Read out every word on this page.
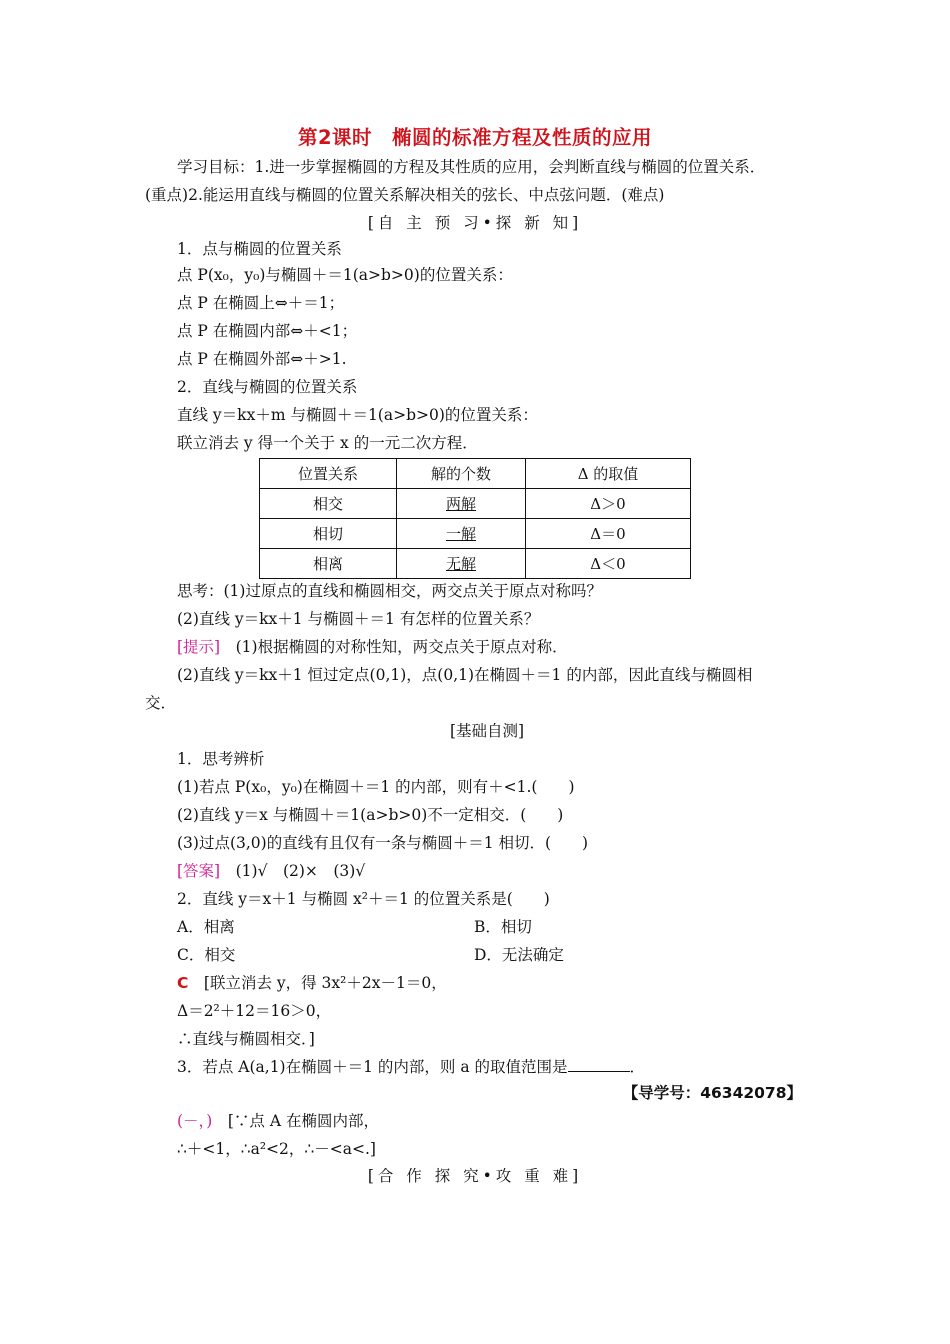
第2课时　椭圆的标准方程及性质的应用
学习目标：1.进一步掌握椭圆的方程及其性质的应用，会判断直线与椭圆的位置关系．
(重点)2.能运用直线与椭圆的位置关系解决相关的弦长、中点弦问题．(难点)
[自 主 预 习•探 新 知]
1．点与椭圆的位置关系
点 P(x₀，y₀)与椭圆＋＝1(a>b>0)的位置关系：
点 P 在椭圆上⇔＋＝1；
点 P 在椭圆内部⇔＋<1；
点 P 在椭圆外部⇔＋>1.
2．直线与椭圆的位置关系
直线 y＝kx＋m 与椭圆＋＝1(a>b>0)的位置关系：
联立消去 y 得一个关于 x 的一元二次方程．
位置关系	解的个数	Δ 的取值
相交	两解	Δ＞0
相切	一解	Δ＝0
相离	无解	Δ＜0
思考：(1)过原点的直线和椭圆相交，两交点关于原点对称吗？
(2)直线 y＝kx＋1 与椭圆＋＝1 有怎样的位置关系？
[提示]　(1)根据椭圆的对称性知，两交点关于原点对称．
(2)直线 y＝kx＋1 恒过定点(0,1)，点(0,1)在椭圆＋＝1 的内部，因此直线与椭圆相
交．
[基础自测]
1．思考辨析
(1)若点 P(x₀，y₀)在椭圆＋＝1 的内部，则有＋<1.(　　)
(2)直线 y＝x 与椭圆＋＝1(a>b>0)不一定相交．(　　)
(3)过点(3,0)的直线有且仅有一条与椭圆＋＝1 相切．(　　)
[答案]　(1)√　(2)×　(3)√
2．直线 y＝x＋1 与椭圆 x²＋＝1 的位置关系是(　　)
A．相离	B．相切
C．相交	D．无法确定
C　[联立消去 y，得 3x²＋2x－1＝0，
Δ＝2²＋12＝16＞0，
∴直线与椭圆相交．]
3．若点 A(a,1)在椭圆＋＝1 的内部，则 a 的取值范围是	．
【导学号：46342078】
(－，)　[∵点 A 在椭圆内部，
∴＋<1，∴a²<2，∴－<a<.]
[合 作 探 究•攻 重 难]
